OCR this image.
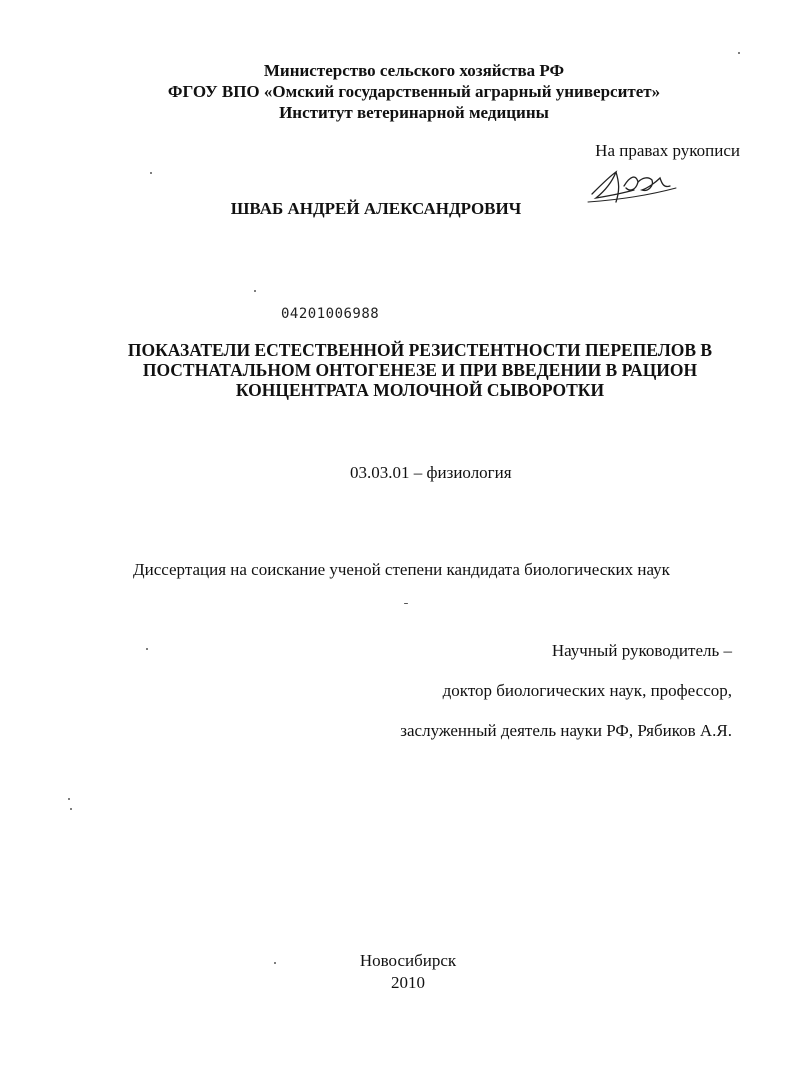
Министерство сельского хозяйства РФ
ФГОУ ВПО «Омский государственный аграрный университет»
Институт ветеринарной медицины
На правах рукописи
ШВАБ АНДРЕЙ АЛЕКСАНДРОВИЧ
04201006988
ПОКАЗАТЕЛИ ЕСТЕСТВЕННОЙ РЕЗИСТЕНТНОСТИ ПЕРЕПЕЛОВ В
ПОСТНАТАЛЬНОМ ОНТОГЕНЕЗЕ И ПРИ ВВЕДЕНИИ В РАЦИОН
КОНЦЕНТРАТА МОЛОЧНОЙ СЫВОРОТКИ
03.03.01 – физиология
Диссертация на соискание ученой степени кандидата биологических наук
Научный руководитель –
доктор биологических наук, профессор,
заслуженный деятель науки РФ, Рябиков А.Я.
Новосибирск
2010
